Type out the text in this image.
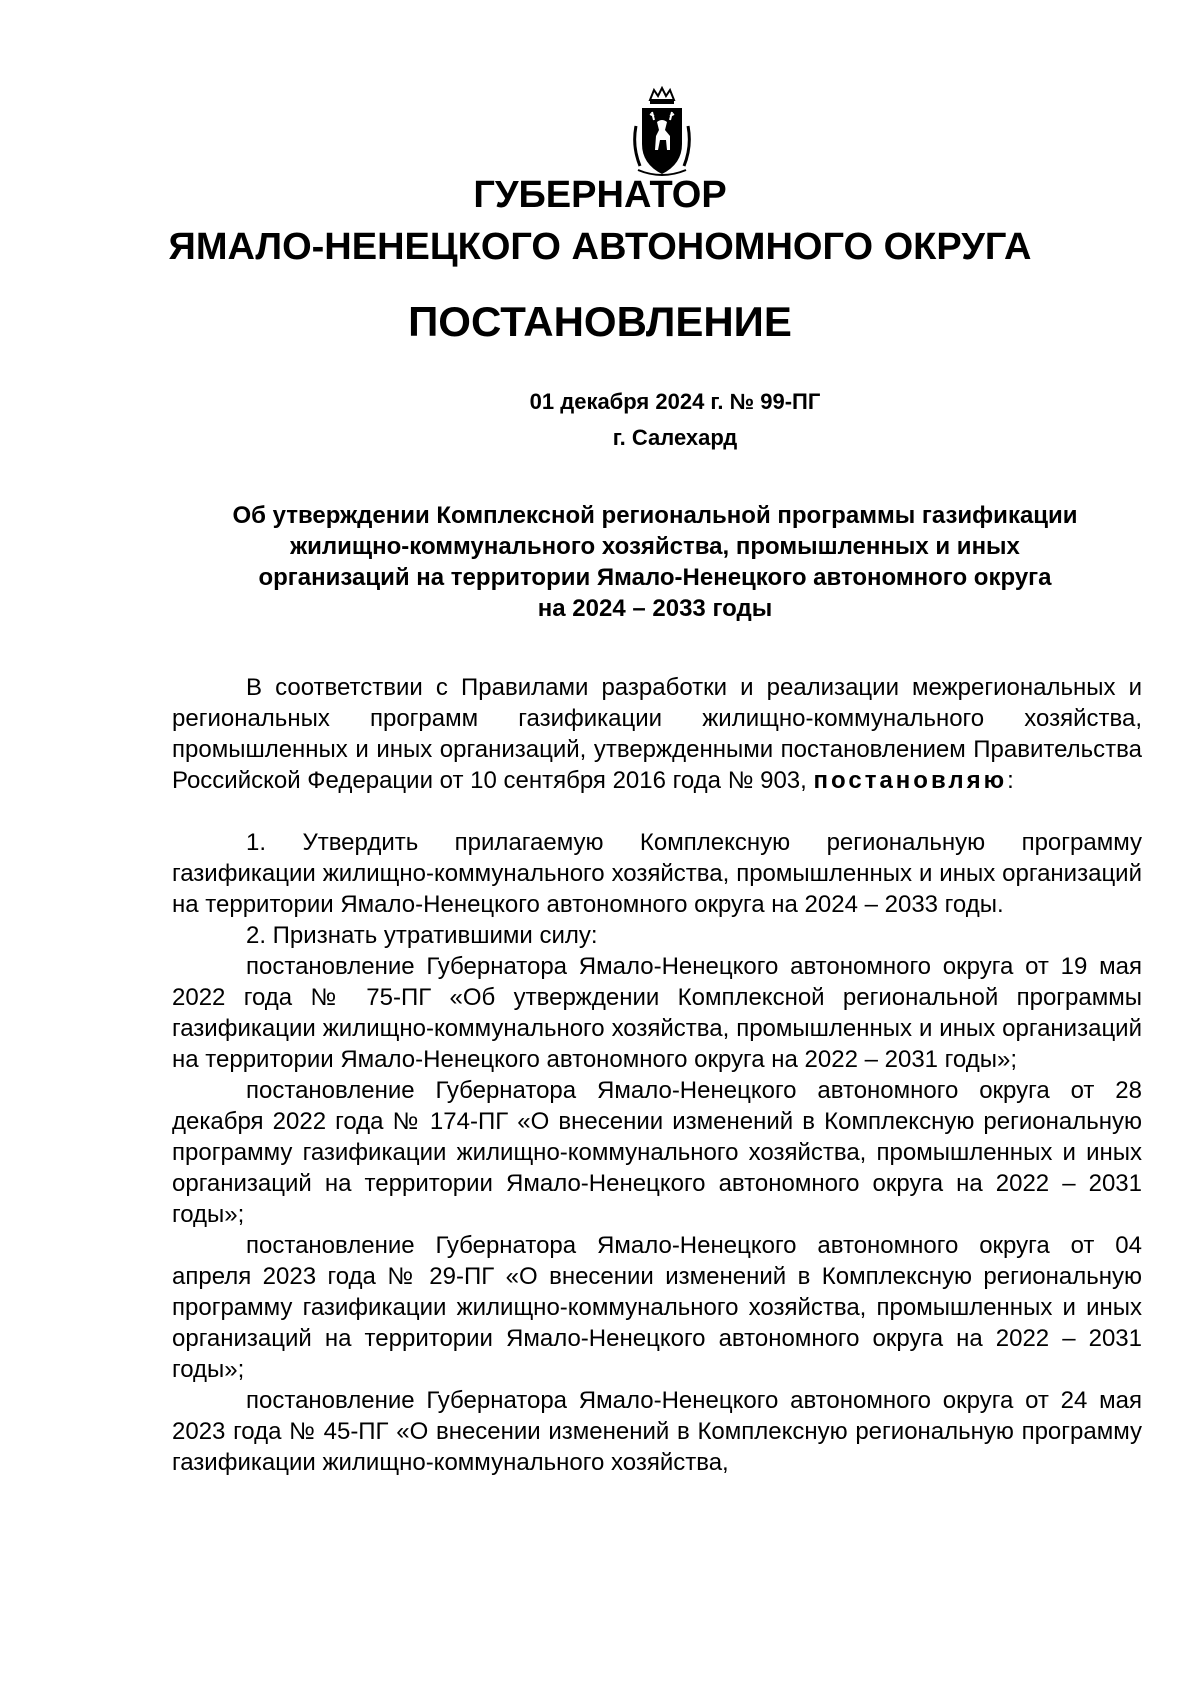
ГУБЕРНАТОР
ЯМАЛО-НЕНЕЦКОГО АВТОНОМНОГО ОКРУГА
ПОСТАНОВЛЕНИЕ

01 декабря 2024 г. № 99-ПГ

г. Салехард

Об утверждении Комплексной региональной программы газификации
жилищно-коммунального хозяйства, промышленных и иных
организаций на территории Ямало-Ненецкого автономного округа
на 2024 – 2033 годы

В соответствии с Правилами разработки и реализации межрегиональных и региональных программ газификации жилищно-коммунального хозяйства, промышленных и иных организаций, утвержденными постановлением Правительства Российской Федерации от 10 сентября 2016 года № 903, постановляю:

1. Утвердить прилагаемую Комплексную региональную программу газификации жилищно-коммунального хозяйства, промышленных и иных организаций на территории Ямало-Ненецкого автономного округа на 2024 – 2033 годы.

2. Признать утратившими силу:

постановление Губернатора Ямало-Ненецкого автономного округа от 19 мая 2022 года № 75-ПГ «Об утверждении Комплексной региональной программы газификации жилищно-коммунального хозяйства, промышленных и иных организаций на территории Ямало-Ненецкого автономного округа на 2022 – 2031 годы»;

постановление Губернатора Ямало-Ненецкого автономного округа от 28 декабря 2022 года № 174-ПГ «О внесении изменений в Комплексную региональную программу газификации жилищно-коммунального хозяйства, промышленных и иных организаций на территории Ямало-Ненецкого автономного округа на 2022 – 2031 годы»;

постановление Губернатора Ямало-Ненецкого автономного округа от 04 апреля 2023 года № 29-ПГ «О внесении изменений в Комплексную региональную программу газификации жилищно-коммунального хозяйства, промышленных и иных организаций на территории Ямало-Ненецкого автономного округа на 2022 – 2031 годы»;

постановление Губернатора Ямало-Ненецкого автономного округа от 24 мая 2023 года № 45-ПГ «О внесении изменений в Комплексную региональную программу газификации жилищно-коммунального хозяйства,
